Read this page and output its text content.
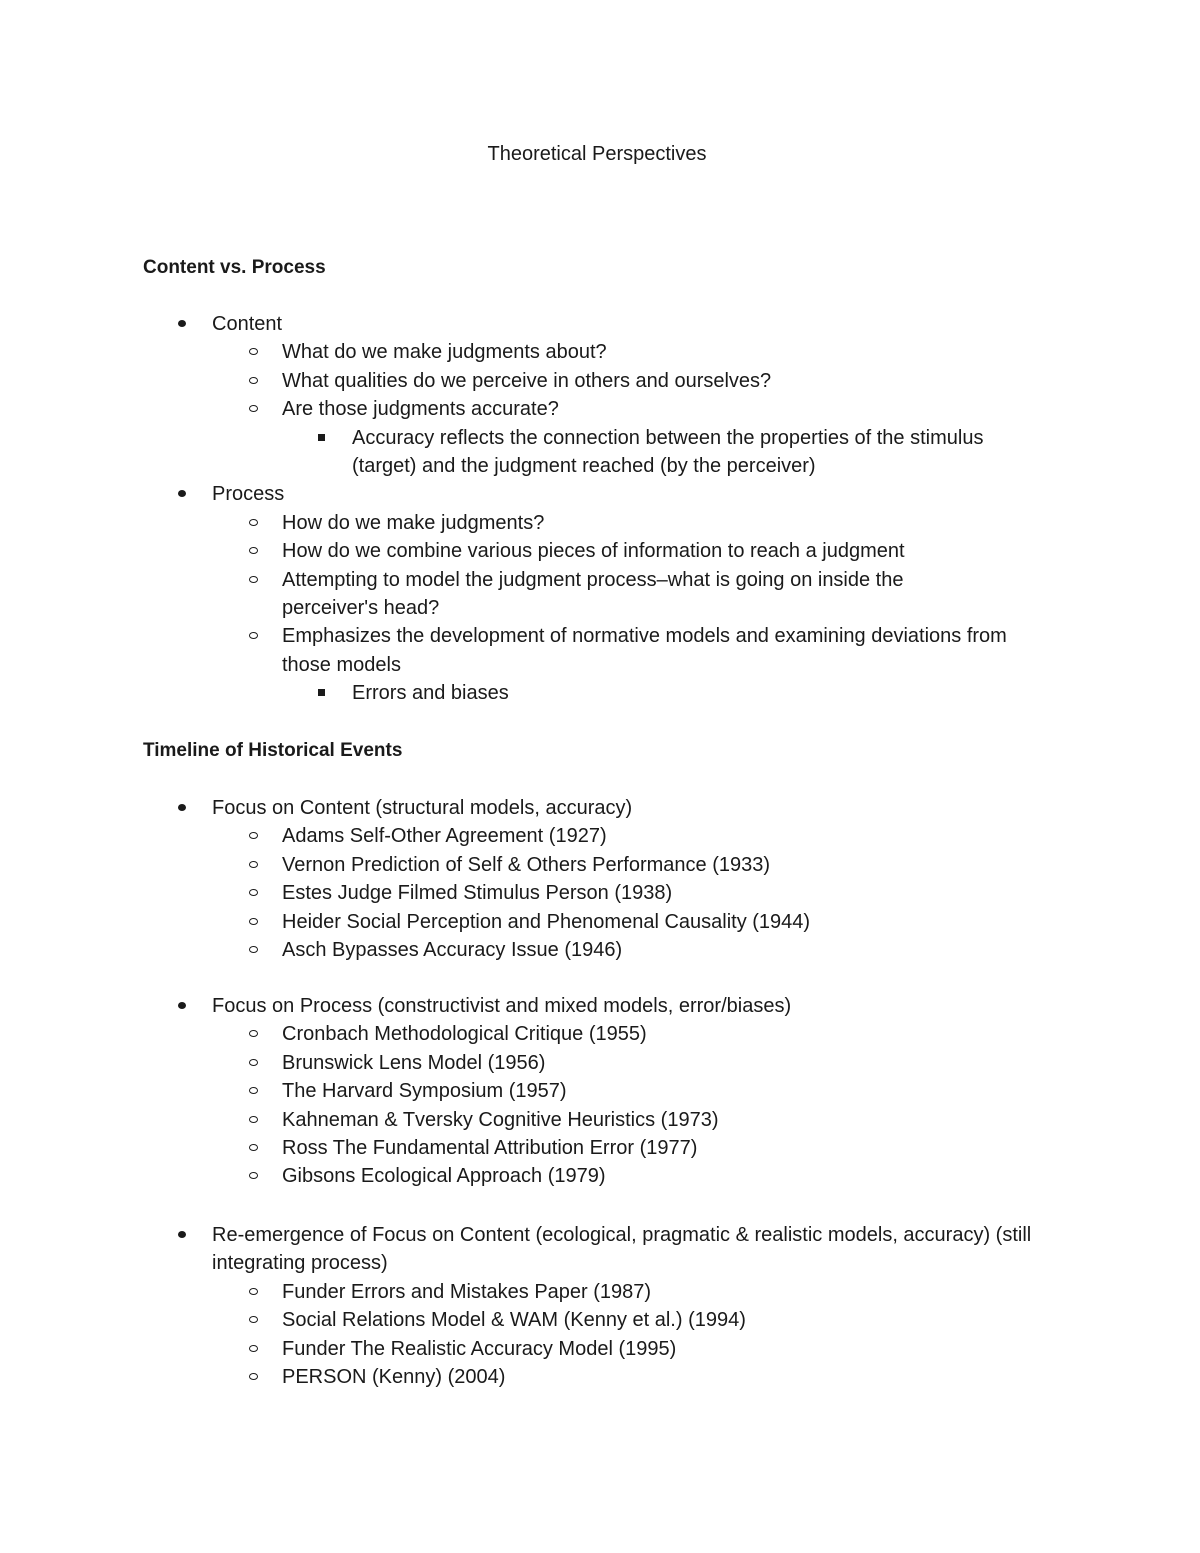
Theoretical Perspectives
Content vs. Process
Content
What do we make judgments about?
What qualities do we perceive in others and ourselves?
Are those judgments accurate?
Accuracy reflects the connection between the properties of the stimulus (target) and the judgment reached (by the perceiver)
Process
How do we make judgments?
How do we combine various pieces of information to reach a judgment
Attempting to model the judgment process–what is going on inside the perceiver's head?
Emphasizes the development of normative models and examining deviations from those models
Errors and biases
Timeline of Historical Events
Focus on Content (structural models, accuracy)
Adams Self-Other Agreement (1927)
Vernon Prediction of Self & Others Performance (1933)
Estes Judge Filmed Stimulus Person (1938)
Heider Social Perception and Phenomenal Causality (1944)
Asch Bypasses Accuracy Issue (1946)
Focus on Process (constructivist and mixed models, error/biases)
Cronbach Methodological Critique (1955)
Brunswick Lens Model (1956)
The Harvard Symposium (1957)
Kahneman & Tversky Cognitive Heuristics (1973)
Ross The Fundamental Attribution Error (1977)
Gibsons Ecological Approach (1979)
Re-emergence of Focus on Content (ecological, pragmatic & realistic models, accuracy) (still integrating process)
Funder Errors and Mistakes Paper (1987)
Social Relations Model & WAM (Kenny et al.) (1994)
Funder The Realistic Accuracy Model (1995)
PERSON (Kenny) (2004)
